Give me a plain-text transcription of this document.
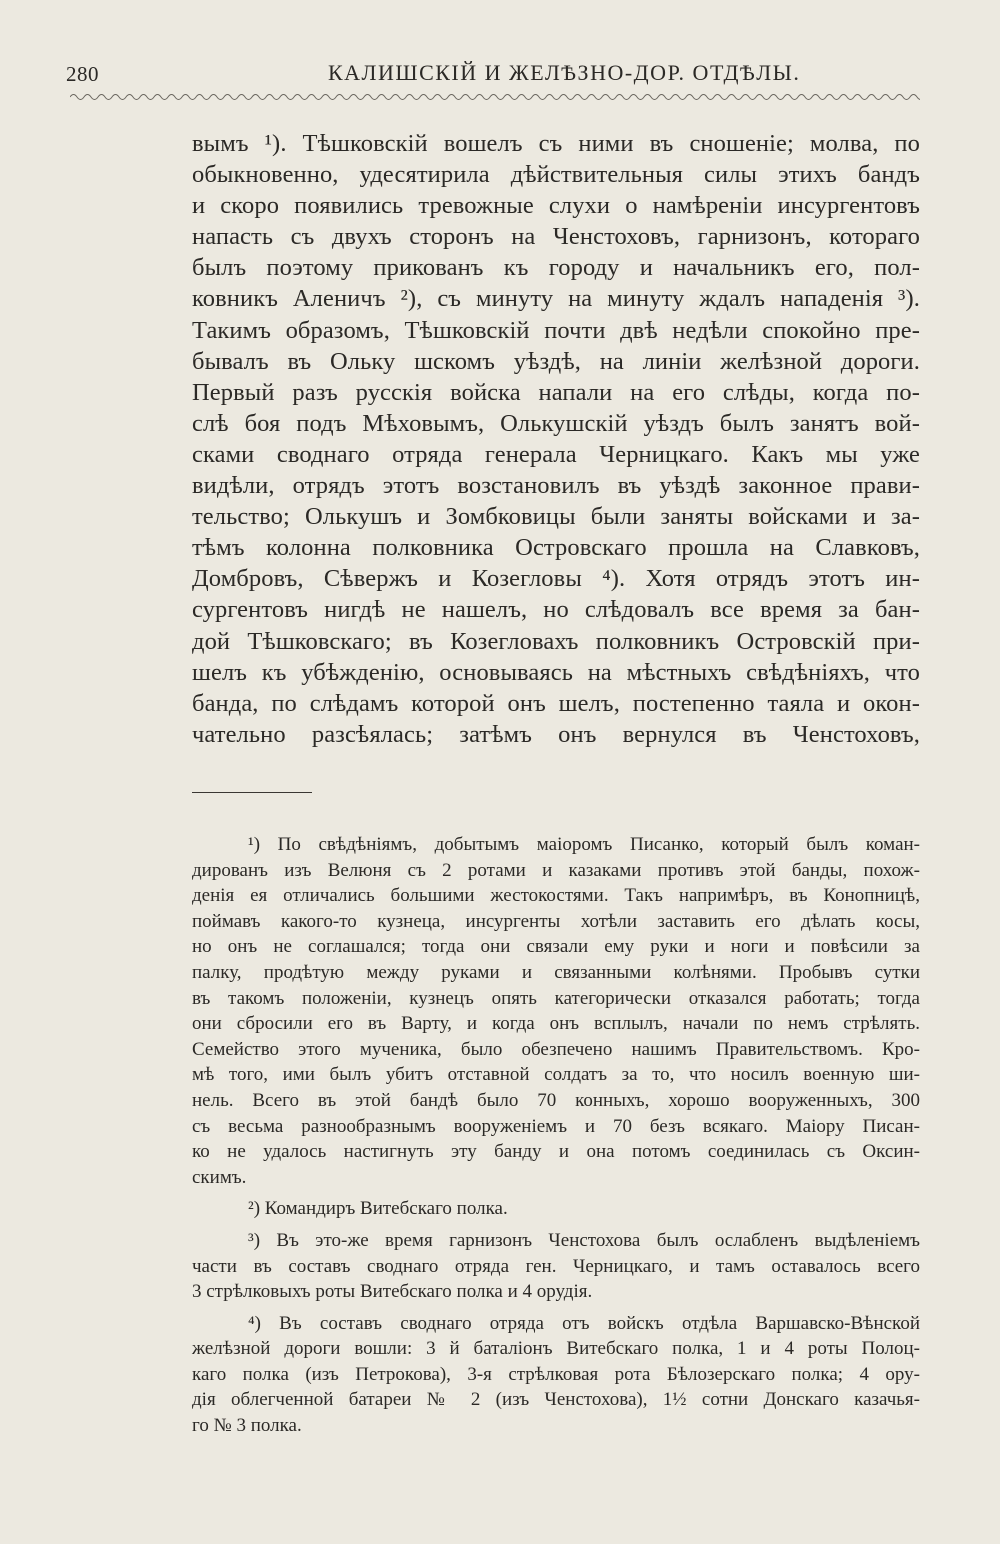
280	КАЛИШСКІЙ И ЖЕЛѢЗНО-ДОР. ОТДѢЛЫ.
вымъ ¹). Тѣшковскій вошелъ съ ними въ сношеніе; молва, по
обыкновенно, удесятирила дѣйствительныя силы этихъ бандъ
и скоро появились тревожные слухи о намѣреніи инсургентовъ
напасть съ двухъ сторонъ на Ченстоховъ, гарнизонъ, котораго
былъ поэтому прикованъ къ городу и начальникъ его, пол-
ковникъ Аленичъ ²), съ минуту на минуту ждалъ нападенія ³).
Такимъ образомъ, Тѣшковскій почти двѣ недѣли спокойно пре-
бывалъ въ Ольку шскомъ уѣздѣ, на линіи желѣзной дороги.
Первый разъ русскія войска напали на его слѣды, когда по-
слѣ боя подъ Мѣховымъ, Олькушскій уѣздъ былъ занятъ вой-
сками своднаго отряда генерала Черницкаго. Какъ мы уже
видѣли, отрядъ этотъ возстановилъ въ уѣздѣ законное прави-
тельство; Олькушъ и Зомбковицы были заняты войсками и за-
тѣмъ колонна полковника Островскаго прошла на Славковъ,
Домбровъ, Сѣвержъ и Козегловы ⁴). Хотя отрядъ этотъ ин-
сургентовъ нигдѣ не нашелъ, но слѣдовалъ все время за бан-
дой Тѣшковскаго; въ Козегловахъ полковникъ Островскій при-
шелъ къ убѣжденію, основываясь на мѣстныхъ свѣдѣніяхъ, что
банда, по слѣдамъ которой онъ шелъ, постепенно таяла и окон-
чательно разсѣялась; затѣмъ онъ вернулся въ Ченстоховъ,
¹) По свѣдѣніямъ, добытымъ маіоромъ Писанко, который былъ коман-
дированъ изъ Велюня съ 2 ротами и казаками противъ этой банды, похож-
денія ея отличались большими жестокостями. Такъ напримѣръ, въ Конопницѣ,
поймавъ какого-то кузнеца, инсургенты хотѣли заставить его дѣлать косы,
но онъ не соглашался; тогда они связали ему руки и ноги и повѣсили за
палку, продѣтую между руками и связанными колѣнями. Пробывъ сутки
въ такомъ положеніи, кузнецъ опять категорически отказался работать; тогда
они сбросили его въ Варту, и когда онъ всплылъ, начали по немъ стрѣлять.
Семейство этого мученика, было обезпечено нашимъ Правительствомъ. Кро-
мѣ того, ими былъ убитъ отставной солдатъ за то, что носилъ военную ши-
нель. Всего въ этой бандѣ было 70 конныхъ, хорошо вооруженныхъ, 300
съ весьма разнообразнымъ вооруженіемъ и 70 безъ всякаго. Маіору Писан-
ко не удалось настигнуть эту банду и она потомъ соединилась съ Оксин-
скимъ.
²) Командиръ Витебскаго полка.
³) Въ это-же время гарнизонъ Ченстохова былъ ослабленъ выдѣленіемъ
части въ составъ своднаго отряда ген. Черницкаго, и тамъ оставалось всего
3 стрѣлковыхъ роты Витебскаго полка и 4 орудія.
⁴) Въ составъ своднаго отряда отъ войскъ отдѣла Варшавско-Вѣнской
желѣзной дороги вошли: 3 й баталіонъ Витебскаго полка, 1 и 4 роты Полоц-
каго полка (изъ Петрокова), 3-я стрѣлковая рота Бѣлозерскаго полка; 4 ору-
дія облегченной батареи № 2 (изъ Ченстохова), 1½ сотни Донскаго казачья-
го № 3 полка.
